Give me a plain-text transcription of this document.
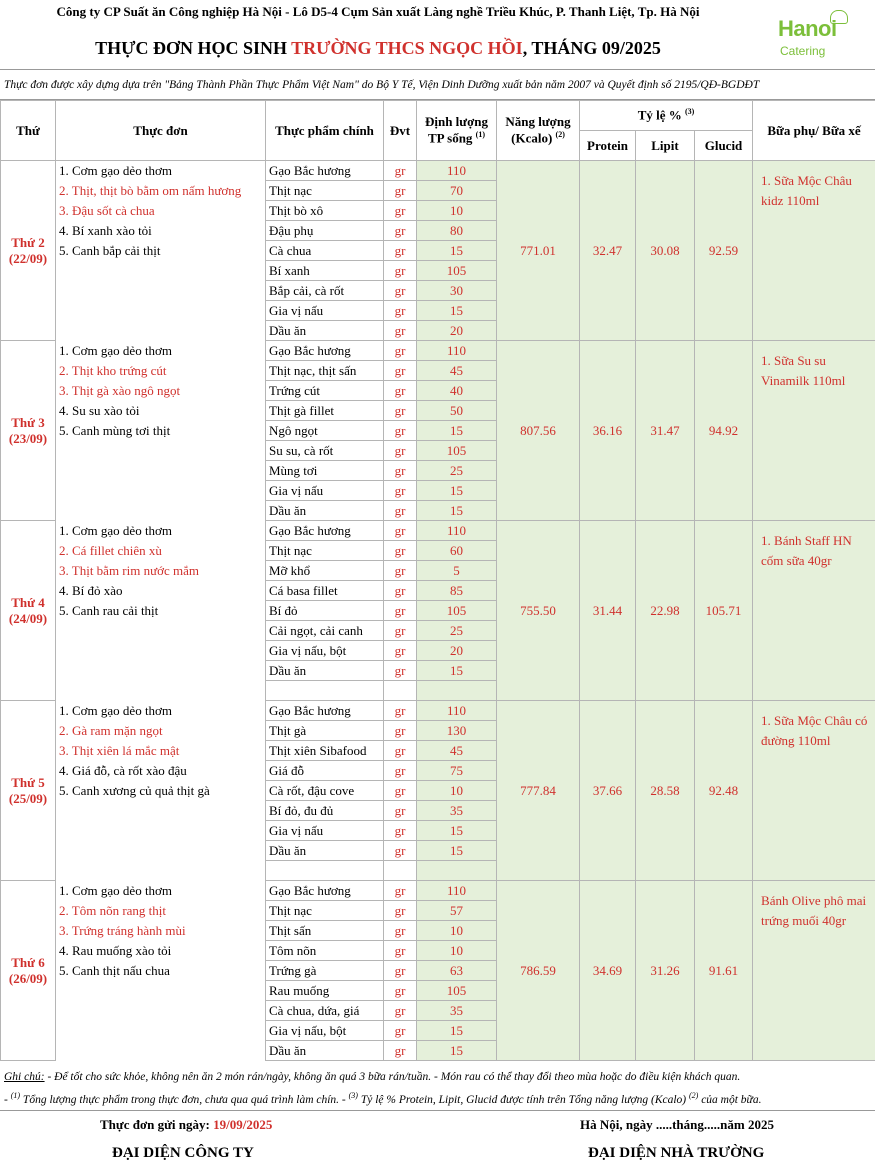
Công ty CP Suất ăn Công nghiệp Hà Nội - Lô D5-4 Cụm Sản xuất Làng nghề Triều Khúc, P. Thanh Liệt, Tp. Hà Nội
THỰC ĐƠN HỌC SINH TRƯỜNG THCS NGỌC HỒI, THÁNG 09/2025
Hanoi
Catering
Thực đơn được xây dựng dựa trên "Bảng Thành Phần Thực Phẩm Việt Nam" do Bộ Y Tế, Viện Dinh Dưỡng xuất bản năm 2007 và Quyết định số 2195/QĐ-BGDĐT
Thứ	Thực đơn	Thực phẩm chính	Đvt	Định lượng TP sống $^{(1)}$	Năng lượng (Kcalo) $^{(2)}$	Tỷ lệ % $^{(3)}$			Bữa phụ/ Bữa xế
						Protein	Lipit	Glucid	

Thứ 2
(22/09)	1. Cơm gạo dẻo thơm	Gạo Bắc hương	gr	110	771.01	32.47	30.08	92.59	1. Sữa Mộc Châu kidz 110ml
	2. Thịt, thịt bò bằm om nấm hương	Thịt nạc	gr	70					
	3. Đậu sốt cà chua	Thịt bò xô	gr	10					
	4. Bí xanh xào tỏi	Đậu phụ	gr	80					
	5. Canh bắp cải thịt	Cà chua	gr	15					
		Bí xanh	gr	105					
		Bắp cải, cà rốt	gr	30					
		Gia vị nấu	gr	15					
		Dầu ăn	gr	20					

Thứ 3
(23/09)	1. Cơm gạo dẻo thơm	Gạo Bắc hương	gr	110	807.56	36.16	31.47	94.92	1. Sữa Su su Vinamilk 110ml
	2. Thịt kho trứng cút	Thịt nạc, thịt sấn	gr	45					
	3. Thịt gà xào ngô ngọt	Trứng cút	gr	40					
	4. Su su xào tỏi	Thịt gà fillet	gr	50					
	5. Canh mùng tơi thịt	Ngô ngọt	gr	15					
		Su su, cà rốt	gr	105					
		Mùng tơi	gr	25					
		Gia vị nấu	gr	15					
		Dầu ăn	gr	15					

Thứ 4
(24/09)	1. Cơm gạo dẻo thơm	Gạo Bắc hương	gr	110	755.50	31.44	22.98	105.71	1. Bánh Staff HN cốm sữa 40gr
	2. Cá fillet chiên xù	Thịt nạc	gr	60					
	3. Thịt bằm rim nước mắm	Mỡ khổ	gr	5					
	4. Bí đỏ xào	Cá basa fillet	gr	85					
	5. Canh rau cải thịt	Bí đỏ	gr	105					
		Cải ngọt, cải canh	gr	25					
		Gia vị nấu, bột	gr	20					
		Dầu ăn	gr	15					

Thứ 5
(25/09)	1. Cơm gạo dẻo thơm	Gạo Bắc hương	gr	110	777.84	37.66	28.58	92.48	1. Sữa Mộc Châu có đường 110ml
	2. Gà ram mặn ngọt	Thịt gà	gr	130					
	3. Thịt xiên lá mắc mật	Thịt xiên Sibafood	gr	45					
	4. Giá đỗ, cà rốt xào đậu	Giá đỗ	gr	75					
	5. Canh xương củ quả thịt gà	Cà rốt, đậu cove	gr	10					
		Bí đỏ, đu đủ	gr	35					
		Gia vị nấu	gr	15					
		Dầu ăn	gr	15					

Thứ 6
(26/09)	1. Cơm gạo dẻo thơm	Gạo Bắc hương	gr	110	786.59	34.69	31.26	91.61	Bánh Olive phô mai trứng muối 40gr
	2. Tôm nõn rang thịt	Thịt nạc	gr	57					
	3. Trứng tráng hành mùi	Thịt sấn	gr	10					
	4. Rau muống xào tỏi	Tôm nõn	gr	10					
	5. Canh thịt nấu chua	Trứng gà	gr	63					
		Rau muống	gr	105					
		Cà chua, dứa, giá	gr	35					
		Gia vị nấu, bột	gr	15					
		Dầu ăn	gr	15					
Ghi chú: - Để tốt cho sức khỏe, không nên ăn 2 món rán/ngày, không ăn quá 3 bữa rán/tuần. - Món rau có thể thay đổi theo mùa hoặc do điều kiện khách quan.
- $^{(1)}$ Tổng lượng thực phẩm trong thực đơn, chưa qua quá trình làm chín. - $^{(3)}$ Tỷ lệ % Protein, Lipit, Glucid được tính trên Tổng năng lượng (Kcalo) $^{(2)}$ của một bữa.
Thực đơn gửi ngày: 19/09/2025	Hà Nội, ngày .....tháng.....năm 2025
ĐẠI DIỆN CÔNG TY	ĐẠI DIỆN NHÀ TRƯỜNG
